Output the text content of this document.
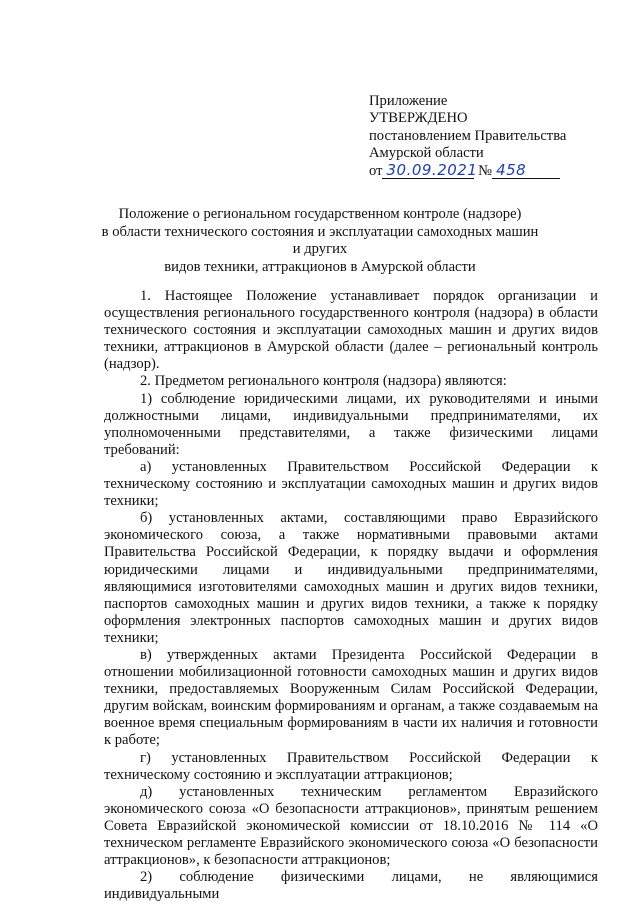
Приложение
УТВЕРЖДЕНО
постановлением Правительства
Амурской области
от 30.09.2021 № 458
Положение о региональном государственном контроле (надзоре)
в области технического состояния и эксплуатации самоходных машин и других
видов техники, аттракционов в Амурской области

1. Настоящее Положение устанавливает порядок организации и осуществления регионального государственного контроля (надзора) в области технического состояния и эксплуатации самоходных машин и других видов техники, аттракционов в Амурской области (далее – региональный контроль (надзор).

2. Предметом регионального контроля (надзора) являются:

1) соблюдение юридическими лицами, их руководителями и иными должностными лицами, индивидуальными предпринимателями, их уполномоченными представителями, а также физическими лицами требований:

а) установленных Правительством Российской Федерации к техническому состоянию и эксплуатации самоходных машин и других видов техники;

б) установленных актами, составляющими право Евразийского экономического союза, а также нормативными правовыми актами Правительства Российской Федерации, к порядку выдачи и оформления юридическими лицами и индивидуальными предпринимателями, являющимися изготовителями самоходных машин и других видов техники, паспортов самоходных машин и других видов техники, а также к порядку оформления электронных паспортов самоходных машин и других видов техники;

в) утвержденных актами Президента Российской Федерации в отношении мобилизационной готовности самоходных машин и других видов техники, предоставляемых Вооруженным Силам Российской Федерации, другим войскам, воинским формированиям и органам, а также создаваемым на военное время специальным формированиям в части их наличия и готовности к работе;

г) установленных Правительством Российской Федерации к техническому состоянию и эксплуатации аттракционов;

д) установленных техническим регламентом Евразийского экономического союза «О безопасности аттракционов», принятым решением Совета Евразийской экономической комиссии от 18.10.2016 № 114 «О техническом регламенте Евразийского экономического союза «О безопасности аттракционов», к безопасности аттракционов;

2) соблюдение физическими лицами, не являющимися индивидуальными
